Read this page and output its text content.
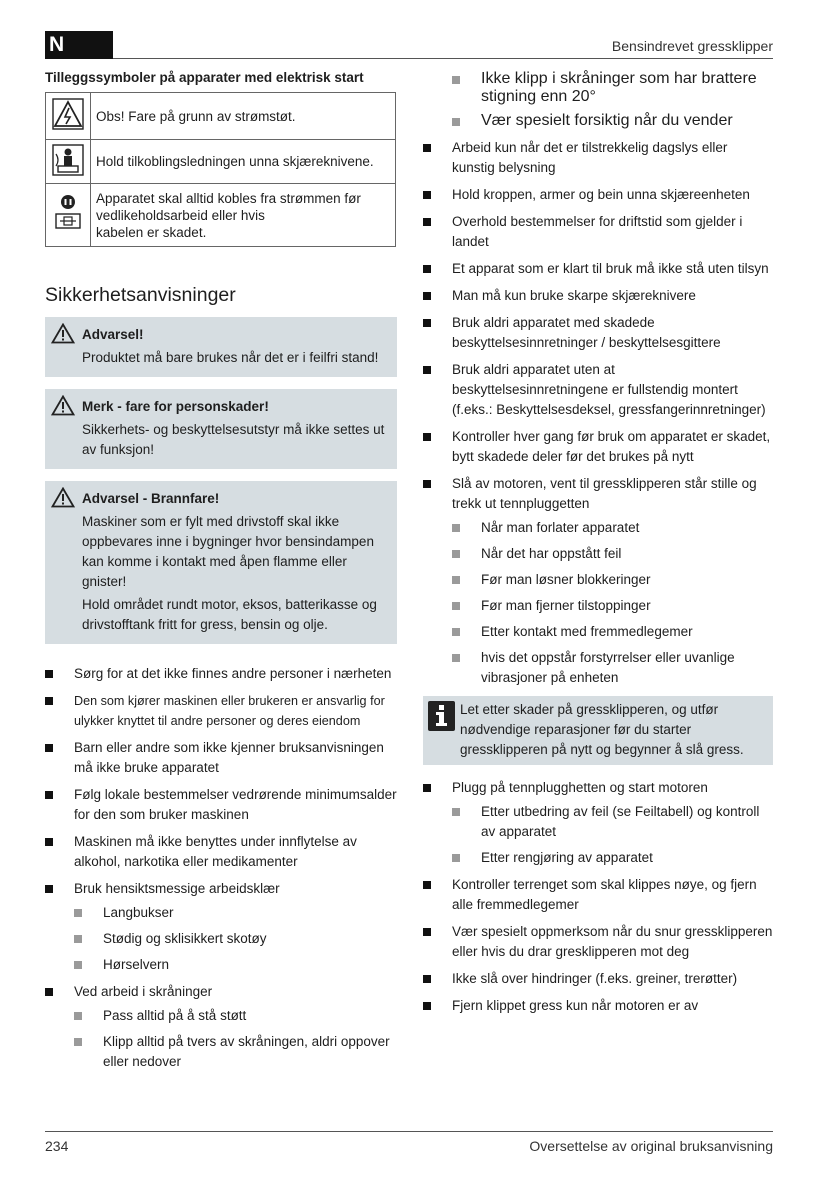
N	Bensindrevet gressklipper
Tilleggssymboler på apparater med elektrisk start
	Obs! Fare på grunn av strømstøt.
	Hold tilkoblingsledningen unna skjæreknivene.

Apparatet skal alltid kobles fra strømmen før
vedlikeholdsarbeid eller hvis
kabelen er skadet.
Sikkerhetsanvisninger

Advarsel!

Produktet må bare brukes når det er i feilfri stand!

Merk - fare for personskader!

Sikkerhets- og beskyttelsesutstyr må ikke settes ut av funksjon!

Advarsel - Brannfare!

Maskiner som er fylt med drivstoff skal ikke oppbevares inne i bygninger hvor bensindampen kan komme i kontakt med åpen flamme eller gnister!

Hold området rundt motor, eksos, batterikasse og drivstofftank fritt for gress, bensin og olje.

Sørg for at det ikke finnes andre personer i nærheten
Den som kjører maskinen eller brukeren er ansvarlig for ulykker knyttet til andre personer og deres eiendom
Barn eller andre som ikke kjenner bruksanvisningen må ikke bruke apparatet
Følg lokale bestemmelser vedrørende minimumsalder for den som bruker maskinen
Maskinen må ikke benyttes under innflytelse av alkohol, narkotika eller medikamenter
Bruk hensiktsmessige arbeidsklær
Langbukser
Stødig og sklisikkert skotøy
Hørselvern
Ved arbeid i skråninger
Pass alltid på å stå støtt
Klipp alltid på tvers av skråningen, aldri oppover eller nedover
Ikke klipp i skråninger som har brattere stigning enn 20°
Vær spesielt forsiktig når du vender
Arbeid kun når det er tilstrekkelig dagslys eller kunstig belysning
Hold kroppen, armer og bein unna skjæreenheten
Overhold bestemmelser for driftstid som gjelder i landet
Et apparat som er klart til bruk må ikke stå uten tilsyn
Man må kun bruke skarpe skjæreknivere
Bruk aldri apparatet med skadede beskyttelsesinnretninger / beskyttelsesgittere
Bruk aldri apparatet uten at beskyttelsesinnretningene er fullstendig montert (f.eks.: Beskyttelsesdeksel, gressfangerinnretninger)
Kontroller hver gang før bruk om apparatet er skadet, bytt skadede deler før det brukes på nytt
Slå av motoren, vent til gressklipperen står stille og trekk ut tennpluggetten
Når man forlater apparatet
Når det har oppstått feil
Før man løsner blokkeringer
Før man fjerner tilstoppinger
Etter kontakt med fremmedlegemer
hvis det oppstår forstyrrelser eller uvanlige vibrasjoner på enheten
Let etter skader på gressklipperen, og utfør nødvendige reparasjoner før du starter gressklipperen på nytt og begynner å slå gress.
Plugg på tennplugghetten og start motoren
Etter utbedring av feil (se Feiltabell) og kontroll av apparatet
Etter rengjøring av apparatet
Kontroller terrenget som skal klippes nøye, og fjern alle fremmedlegemer
Vær spesielt oppmerksom når du snur gressklipperen eller hvis du drar gresklipperen mot deg
Ikke slå over hindringer (f.eks. greiner, trerøtter)
Fjern klippet gress kun når motoren er av
234	Oversettelse av original bruksanvisning
